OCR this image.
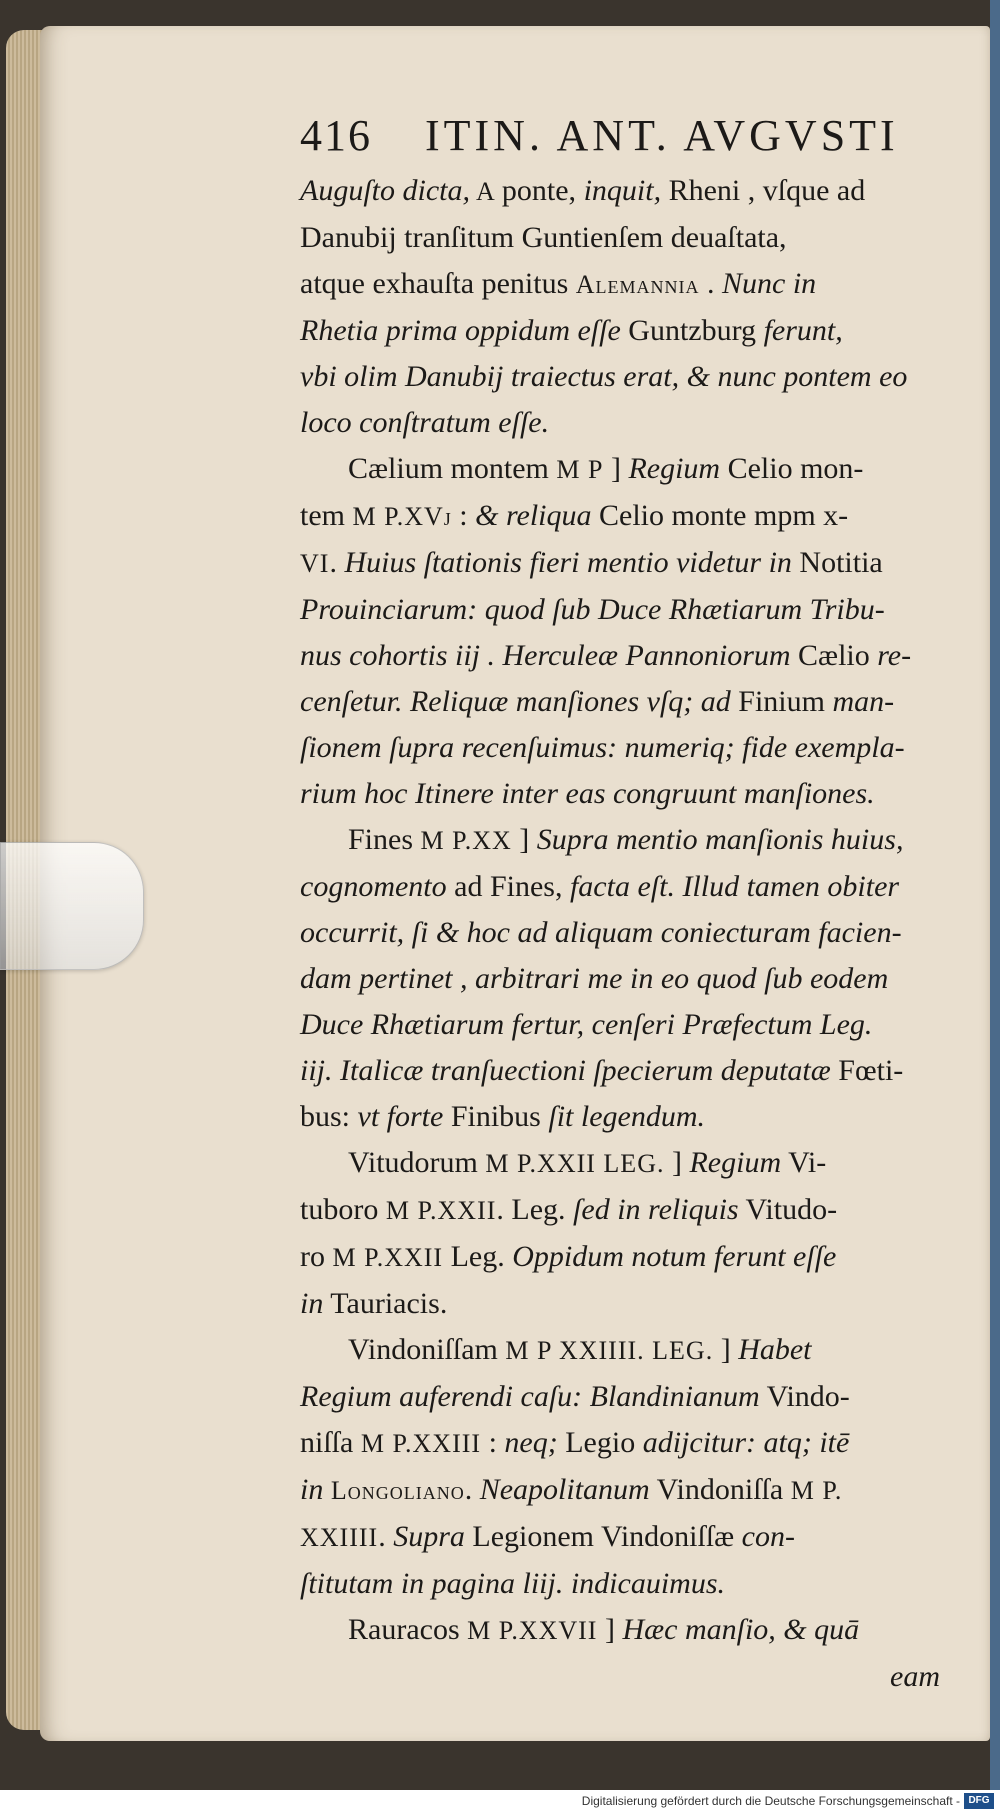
416 ITIN. ANT. AVGVSTI
Auguſto dicta, A ponte, inquit, Rheni , vſque ad
Danubij tranſitum Guntienſem deuaſtata,
atque exhauſta penitus Alemannia . Nunc in
Rhetia prima oppidum eſſe Guntzburg ferunt,
vbi olim Danubij traiectus erat, & nunc pontem eo
loco conſtratum eſſe.
Cælium montem M P ] Regium Celio mon-
tem M P.XVj : & reliqua Celio monte mpm x-
VI. Huius ſtationis fieri mentio videtur in Notitia
Prouinciarum: quod ſub Duce Rhætiarum Tribu-
nus cohortis iij . Herculeæ Pannoniorum Cælio re-
cenſetur. Reliquæ manſiones vſq; ad Finium man-
ſionem ſupra recenſuimus: numeriq; fide exempla-
rium hoc Itinere inter eas congruunt manſiones.
Fines M P.XX ] Supra mentio manſionis huius,
cognomento ad Fines, facta eſt. Illud tamen obiter
occurrit, ſi & hoc ad aliquam coniecturam facien-
dam pertinet , arbitrari me in eo quod ſub eodem
Duce Rhætiarum fertur, cenſeri Præfectum Leg.
iij. Italicæ tranſuectioni ſpecierum deputatæ Fœti-
bus: vt forte Finibus ſit legendum.
Vitudorum M P.XXII LEG. ] Regium Vi-
tuboro M P.XXII. Leg. ſed in reliquis Vitudo-
ro M P.XXII Leg. Oppidum notum ferunt eſſe
in Tauriacis.
Vindoniſſam M P XXIIII. LEG. ] Habet
Regium auferendi caſu: Blandinianum Vindo-
niſſa M P.XXIII : neq; Legio adijcitur: atq; itē
in Longoliano. Neapolitanum Vindoniſſa M P.
XXIIII. Supra Legionem Vindoniſſæ con-
ſtitutam in pagina liij. indicauimus.
Rauracos M P.XXVII ] Hæc manſio, & quā
eam
Digitalisierung gefördert durch die Deutsche Forschungsgemeinschaft - DFG
